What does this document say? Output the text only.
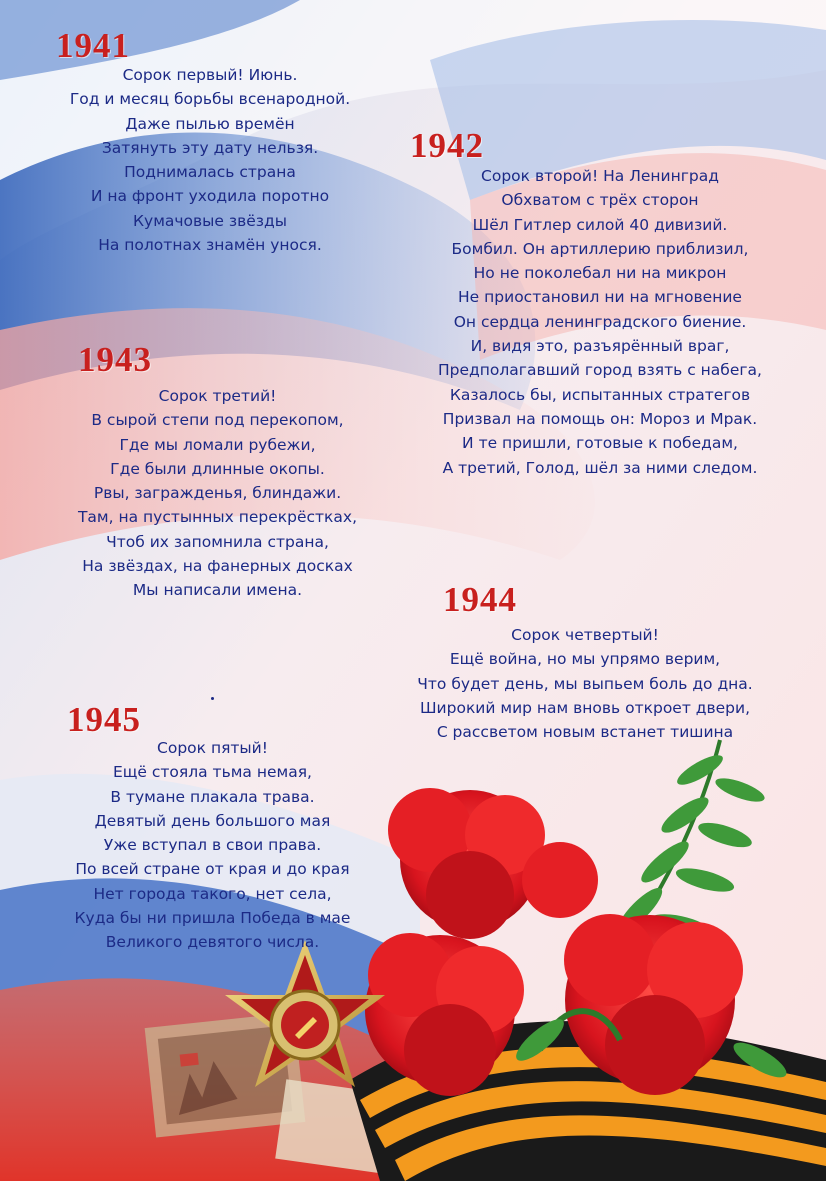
1941
Сорок первый! Июнь.
Год и месяц борьбы всенародной.
Даже пылью времён
Затянуть эту дату нельзя.
Поднималась страна
И на фронт уходила поротно
Кумачовые звёзды
На полотнах знамён унося.
1942
Сорок второй! На Ленинград
Обхватом с трёх сторон
Шёл Гитлер силой 40 дивизий.
Бомбил. Он артиллерию приблизил,
Но не поколебал ни на микрон
Не приостановил ни на мгновение
Он сердца ленинградского биение.
И, видя это, разъярённый враг,
Предполагавший город взять с набега,
Казалось бы, испытанных стратегов
Призвал на помощь он: Мороз и Мрак.
И те пришли, готовые к победам,
А третий, Голод, шёл за ними следом.
1943
Сорок третий!
В сырой степи под перекопом,
Где мы ломали рубежи,
Где были длинные окопы.
Рвы, загражденья, блиндажи.
Там, на пустынных перекрёстках,
Чтоб их запомнила страна,
На звёздах, на фанерных досках
Мы написали имена.	1944
Сорок четвертый!
Ещё война, но мы упрямо верим,
Что будет день, мы выпьем боль до дна.
Широкий мир нам вновь откроет двери,
С рассветом новым встанет тишина
1945
Сорок пятый!
Ещё стояла тьма немая,
В тумане плакала трава.
Девятый день большого мая
Уже вступал в свои права.
По всей стране от края и до края
Нет города такого, нет села,
Куда бы ни пришла Победа в мае
Великого девятого числа.
